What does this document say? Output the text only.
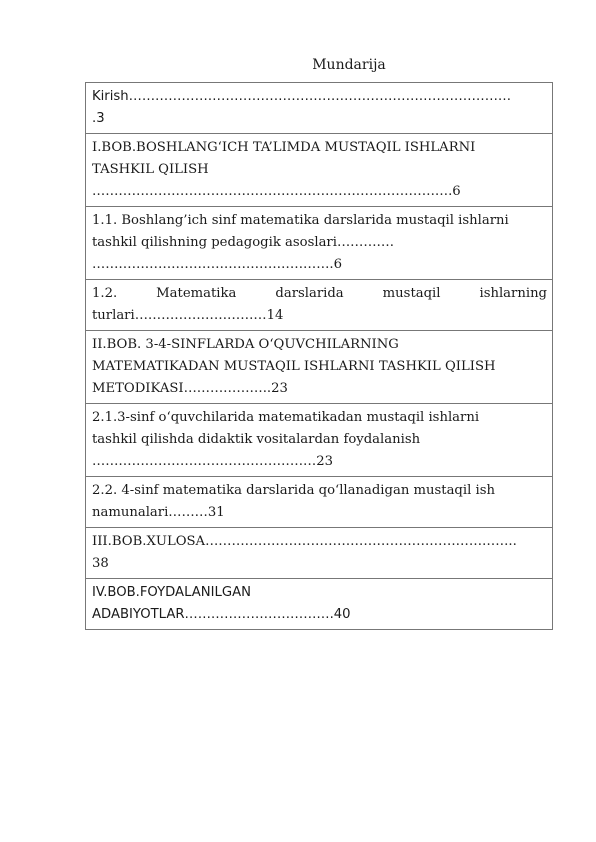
Mundarija
Kirish……………………………………………………………………………
.3

I.BOB.BOSHLANG‘ICH TA’LIMDA MUSTAQIL ISHLARNI
TASHKIL QILISH
……………………………………………………………………….6

1.1. Boshlang’ich sinf matematika darslarida mustaqil ishlarni
tashkil qilishning pedagogik asoslari………….
……………………………………………….6

1.2. Matematika darslarida mustaqil ishlarning
turlari…………………………14

II.BOB. 3-4-SINFLARDA O‘QUVCHILARNING
MATEMATIKADAN MUSTAQIL ISHLARNI TASHKIL QILISH
METODIKASI………………..23

2.1.3-sinf o‘quvchilarida matematikadan mustaqil ishlarni
tashkil qilishda didaktik vositalardan foydalanish
……………………………………………23

2.2. 4-sinf matematika darslarida qo‘llanadigan mustaqil ish
namunalari………31

III.BOB.XULOSA……………………………………………………………..
38

IV.BOB.FOYDALANILGAN
ADABIYOTLAR…………………………….40
